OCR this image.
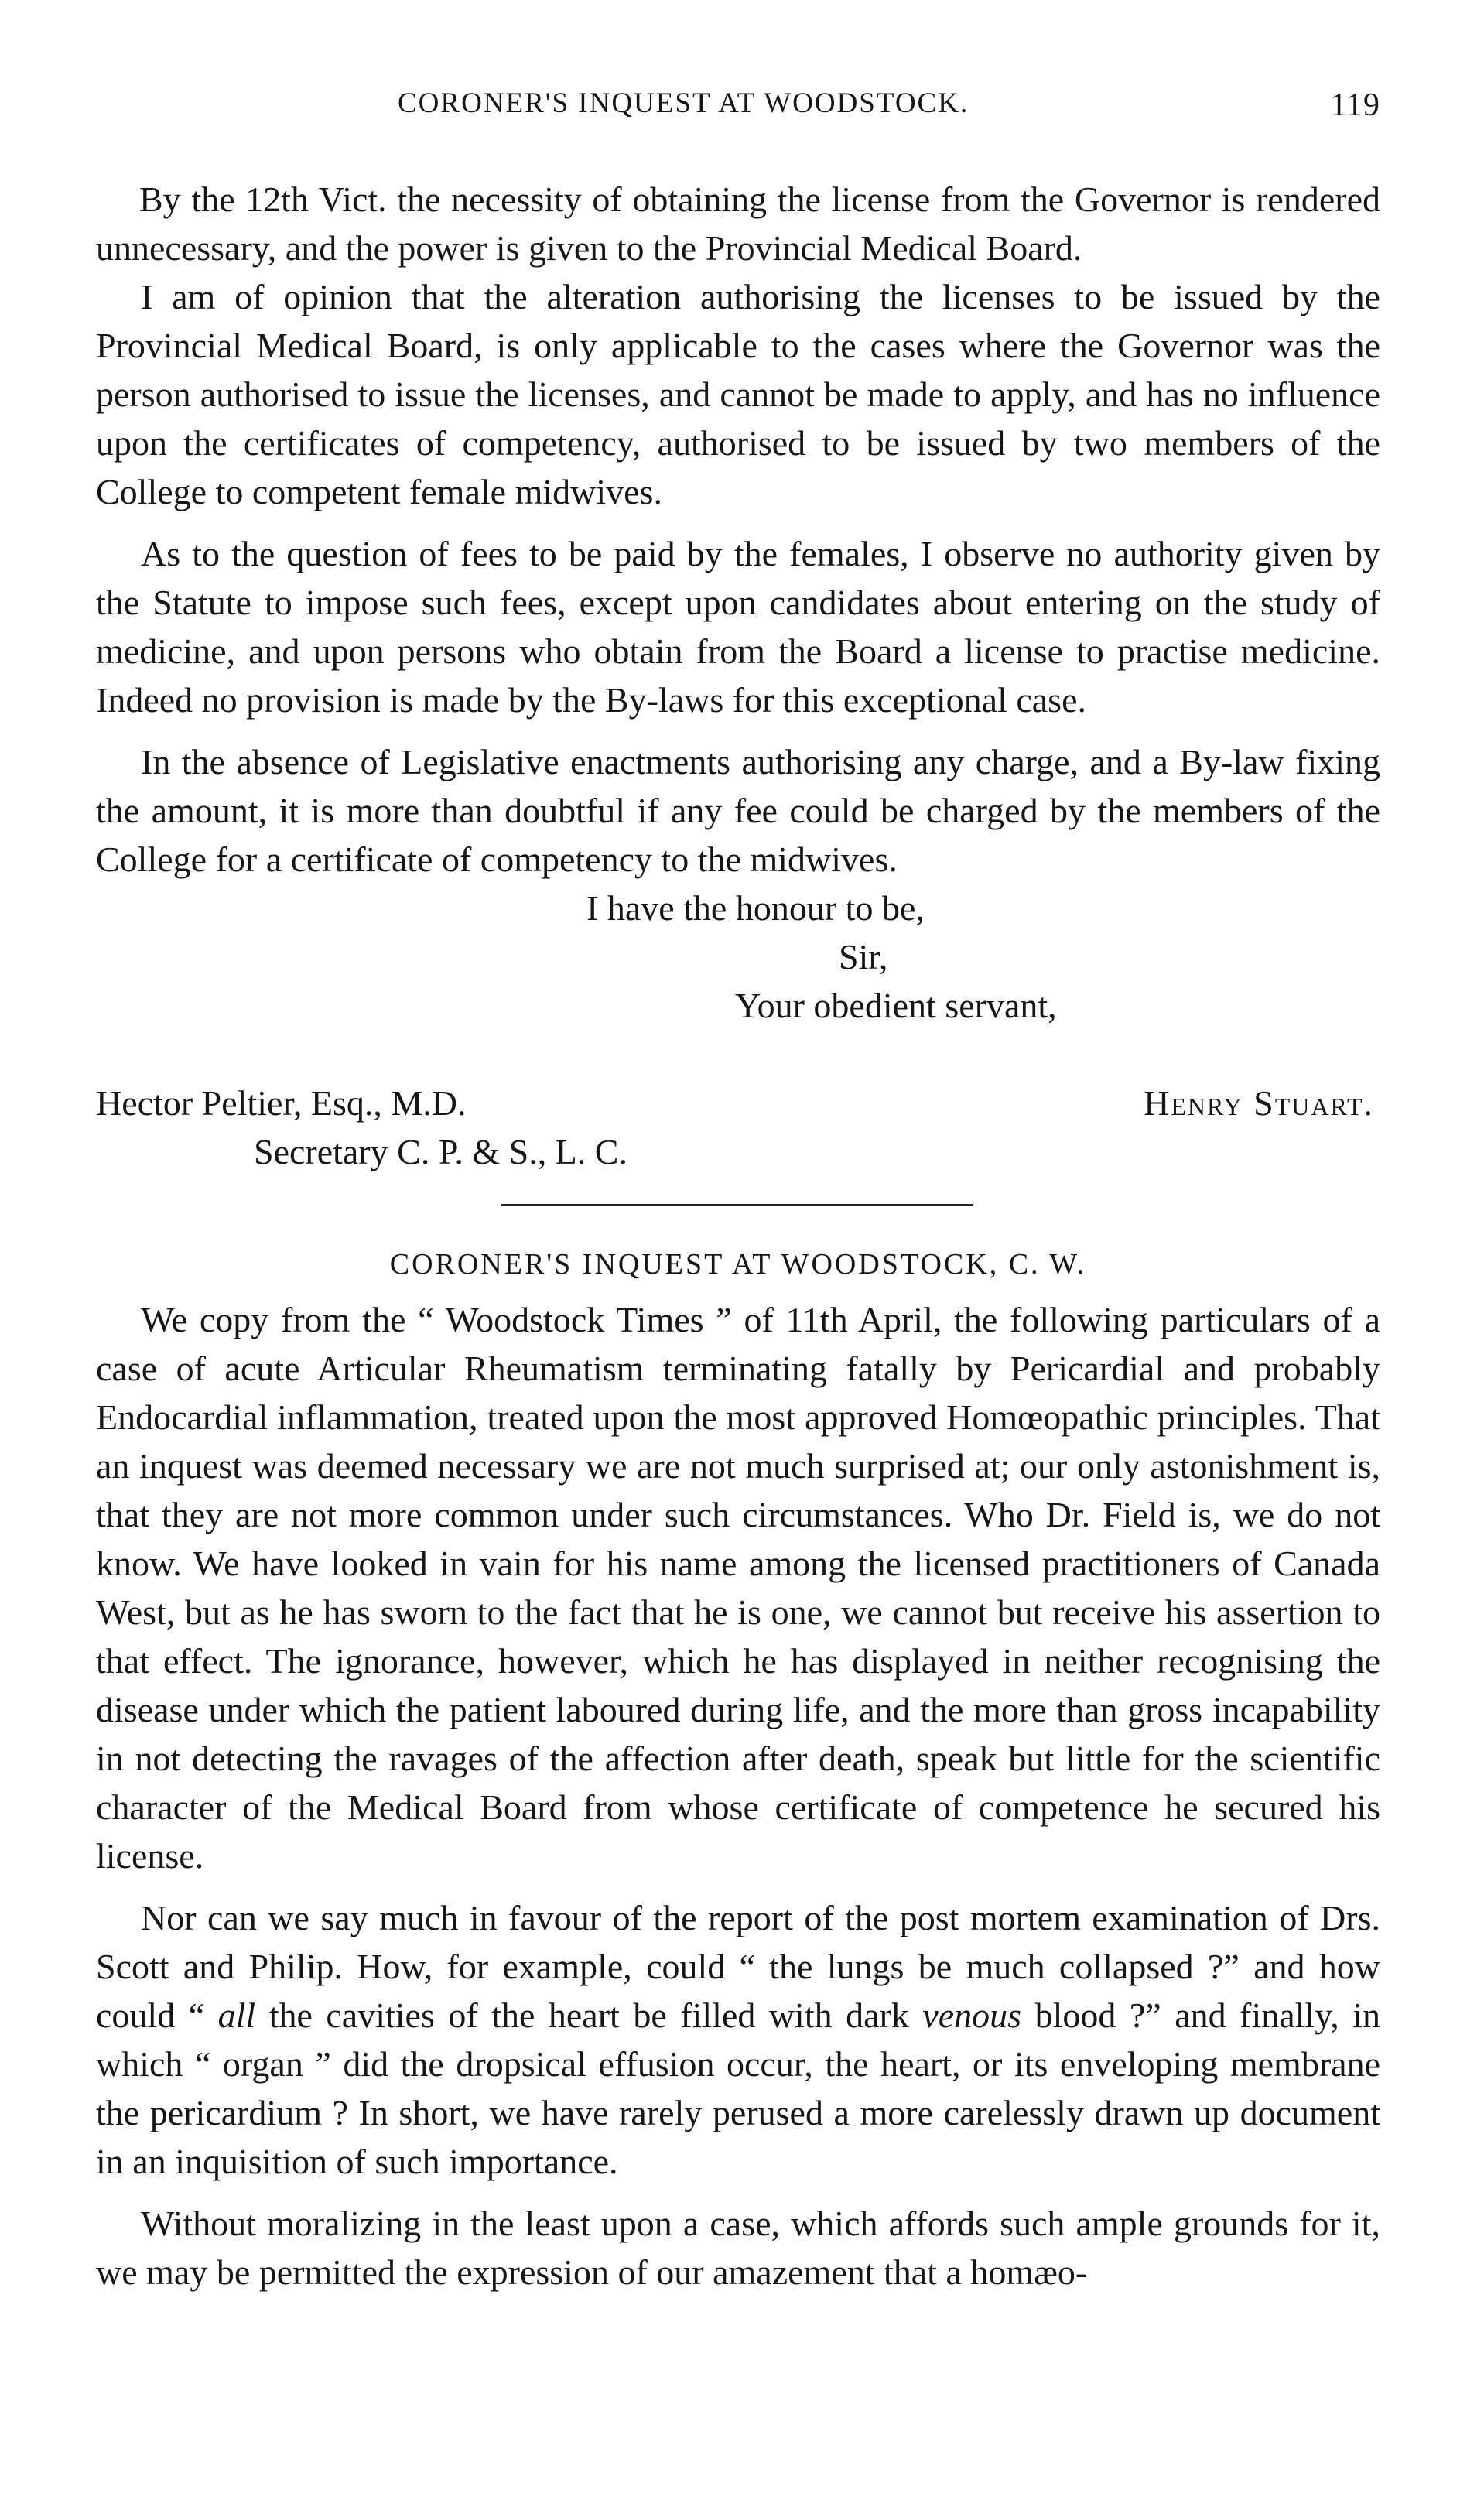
CORONER'S INQUEST AT WOODSTOCK.	119

By the 12th Vict. the necessity of obtaining the license from the Governor is rendered unnecessary, and the power is given to the Provincial Medical Board.

I am of opinion that the alteration authorising the licenses to be issued by the Provincial Medical Board, is only applicable to the cases where the Governor was the person authorised to issue the licenses, and cannot be made to apply, and has no influence upon the certificates of competency, authorised to be issued by two members of the College to competent female midwives.

As to the question of fees to be paid by the females, I observe no authority given by the Statute to impose such fees, except upon candidates about entering on the study of medicine, and upon persons who obtain from the Board a license to practise medicine. Indeed no provision is made by the By-laws for this exceptional case.

In the absence of Legislative enactments authorising any charge, and a By-law fixing the amount, it is more than doubtful if any fee could be charged by the members of the College for a certificate of competency to the midwives.

I have the honour to be,
Sir,
Your obedient servant,
Hector Peltier, Esq., M.D.
Secretary C. P. & S., L. C.
Henry Stuart.
CORONER'S INQUEST AT WOODSTOCK, C. W.

We copy from the “ Woodstock Times ” of 11th April, the following particulars of a case of acute Articular Rheumatism terminating fatally by Pericardial and probably Endocardial inflammation, treated upon the most approved Homœopathic principles. That an inquest was deemed necessary we are not much surprised at; our only astonishment is, that they are not more common under such circumstances. Who Dr. Field is, we do not know. We have looked in vain for his name among the licensed practitioners of Canada West, but as he has sworn to the fact that he is one, we cannot but receive his assertion to that effect. The ignorance, however, which he has displayed in neither recognising the disease under which the patient laboured during life, and the more than gross incapability in not detecting the ravages of the affection after death, speak but little for the scientific character of the Medical Board from whose certificate of competence he secured his license.

Nor can we say much in favour of the report of the post mortem examination of Drs. Scott and Philip. How, for example, could “ the lungs be much collapsed ?” and how could “ all the cavities of the heart be filled with dark venous blood ?” and finally, in which “ organ ” did the dropsical effusion occur, the heart, or its enveloping membrane the pericardium ? In short, we have rarely perused a more carelessly drawn up document in an inquisition of such importance.

Without moralizing in the least upon a case, which affords such ample grounds for it, we may be permitted the expression of our amazement that a homæo-
